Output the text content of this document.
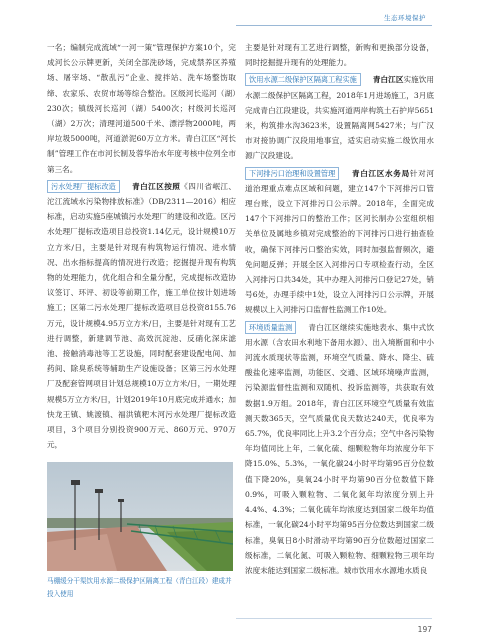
生态环境保护

一名；编制完成流域“一河一策”管理保护方案10个，完成河长公示牌更新，关闭全部洗砂场，完成禁养区养殖场、屠宰场、“散乱污”企业、搅拌站、洗车场整饬取缔、农家乐、农贸市场等综合整治。区级河长巡河（湖）230次；镇级河长巡河（湖）5400次；村级河长巡河（湖）2万次；清理河道500千米、漂浮物2000吨，两岸垃圾5000吨，河道淤泥60万立方米。青白江区“河长制”管理工作在市河长制及蓉华治水年度考核中位列全市第三名。

污水处理厂提标改造 青白江区按照《四川省岷江、沱江流域水污染物排放标准》（DB/2311—2016）相应标准，启动实施5座城镇污水处理厂的建设和改造。区污水处理厂提标改造项目总投资1.14亿元，设计规模10万立方米/日，主要是针对现有构筑物运行情况、进水情况、出水指标提高的情况进行改造；挖掘提升现有构筑物的处理能力，优化组合和全量分配，完成提标改造协议签订、环评、初设等前期工作，施工单位按计划进场施工；区第二污水处理厂提标改造项目总投资8155.76万元，设计规模4.95万立方米/日，主要是针对现有工艺进行调整，新建调节池、高效沉淀池、反硝化深床滤池、接触消毒池等工艺设施，同时配套建设配电间、加药间、除臭系统等辅助生产设施设备；区第三污水处理厂及配套管网项目计划总规模10万立方米/日，一期处理规模5万立方米/日，计划2019年10月底完成并通水；加快龙王镇、姚渡镇、福洪镇粑木河污水处理厂提标改造项目，3个项目分别投资900万元、860万元、970万元，

马棚缓分干渠饮用水源二级保护区隔离工程（青白江段）建成并投入使用

主要是针对现有工艺进行调整，新购和更换部分设备，同时挖掘提升现有的处理能力。

饮用水源二级保护区隔离工程实施 青白江区实施饮用水源二级保护区隔离工程，2018年1月进场施工，3月底完成青白江段建设，共实施河道两岸构筑土石护岸5651米，构筑排水沟3623米，设置隔离网5427米；与广汉市对接协调广汉段用地事宜，适实启动实施二级饮用水源广汉段建设。

下河排污口治理和设置管理 青白江区水务局针对河道治理重点难点区域和问题，建立147个下河排污口管理台账，设立下河排污口公示牌。2018年，全面完成147个下河排污口的整治工作；区河长制办公室组织相关单位及属地乡镇对完成整治的下河排污口进行抽查验收，确保下河排污口整治实效，同时加强监督频次，避免问题反弹；开展全区入河排污口专项检查行动，全区入河排污口共34处，其中办理入河排污口登记27处，销号6处，办理手续中1处，设立入河排污口公示牌，开展规模以上入河排污口监督性监测工作10处。

环境质量监测 青白江区继续实施地表水、集中式饮用水源（含农田水利地下备用水源）、出入境断面和中小河流水质现状等监测，环境空气质量、降水、降尘、硫酸盐化速率监测，功能区、交通、区域环境噪声监测，污染源监督性监测和双随机、投诉监测等，共获取有效数据1.9万组。2018年，青白江区环境空气质量有效监测天数365天，空气质量优良天数达240天，优良率为65.7%，优良率同比上升3.2个百分点；空气中各污染物年均值同比上年，二氧化硫、细颗粒物年均浓度分年下降15.0%、5.3%，一氧化碳24小时平均第95百分位数值下降20%，臭氧24小时平均第90百分位数值下降0.9%，可吸入颗粒物、二氧化氮年均浓度分别上升4.4%、4.3%；二氧化硫年均浓度达到国家二级年均值标准，一氧化碳24小时平均第95百分位数达到国家二级标准，臭氧日8小时滑动平均第90百分位数超过国家二级标准，二氧化氮、可吸入颗粒物、细颗粒物三项年均浓度未能达到国家二级标准。城市饮用水水源地水质良

197
